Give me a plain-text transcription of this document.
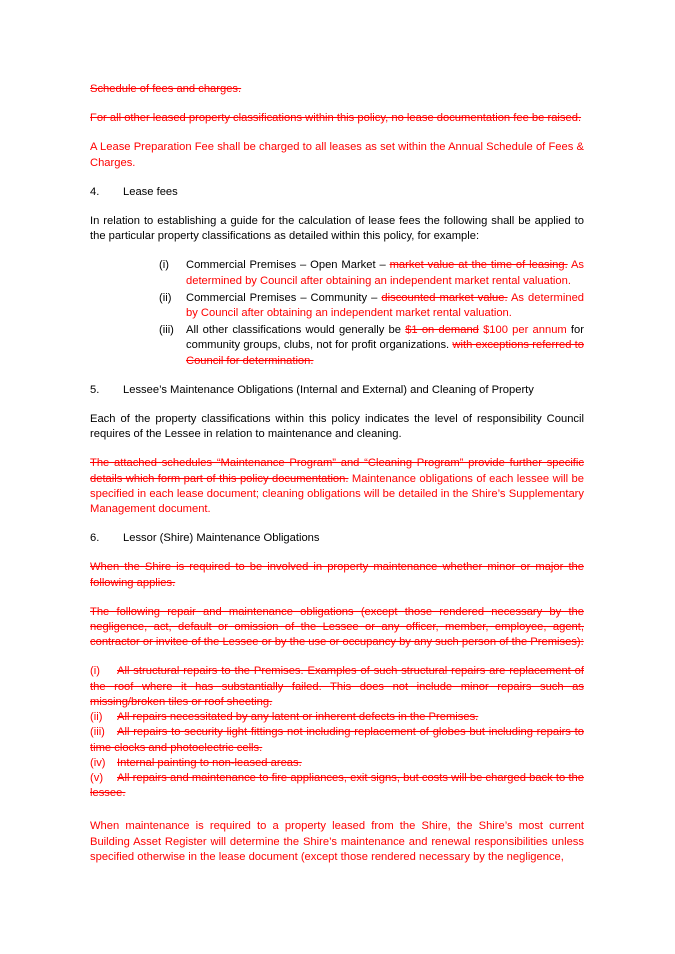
Schedule of fees and charges.

For all other leased property classifications within this policy, no lease documentation fee be raised.

A Lease Preparation Fee shall be charged to all leases as set within the Annual Schedule of Fees & Charges.

4.	Lease fees

In relation to establishing a guide for the calculation of lease fees the following shall be applied to the particular property classifications as detailed within this policy, for example:

(i)	Commercial Premises – Open Market – market value at the time of leasing. As determined by Council after obtaining an independent market rental valuation.
(ii)	Commercial Premises – Community – discounted market value. As determined by Council after obtaining an independent market rental valuation.
(iii)	All other classifications would generally be $1 on demand $100 per annum for community groups, clubs, not for profit organizations. with exceptions referred to Council for determination.
5.	Lessee’s Maintenance Obligations (Internal and External) and Cleaning of Property

Each of the property classifications within this policy indicates the level of responsibility Council requires of the Lessee in relation to maintenance and cleaning.

The attached schedules “Maintenance Program” and “Cleaning Program” provide further specific details which form part of this policy documentation. Maintenance obligations of each lessee will be specified in each lease document; cleaning obligations will be detailed in the Shire’s Supplementary Management document.

6.	Lessor (Shire) Maintenance Obligations

When the Shire is required to be involved in property maintenance whether minor or major the following applies.

The following repair and maintenance obligations (except those rendered necessary by the negligence, act, default or omission of the Lessee or any officer, member, employee, agent, contractor or invitee of the Lessee or by the use or occupancy by any such person of the Premises):

(i) All structural repairs to the Premises. Examples of such structural repairs are replacement of the roof where it has substantially failed. This does not include minor repairs such as missing/broken tiles or roof sheeting.

(ii) All repairs necessitated by any latent or inherent defects in the Premises.

(iii) All repairs to security light fittings not including replacement of globes but including repairs to time clocks and photoelectric cells.

(iv) Internal painting to non-leased areas.

(v) All repairs and maintenance to fire appliances, exit signs, but costs will be charged back to the lessee.

When maintenance is required to a property leased from the Shire, the Shire’s most current Building Asset Register will determine the Shire’s maintenance and renewal responsibilities unless specified otherwise in the lease document (except those rendered necessary by the negligence,
